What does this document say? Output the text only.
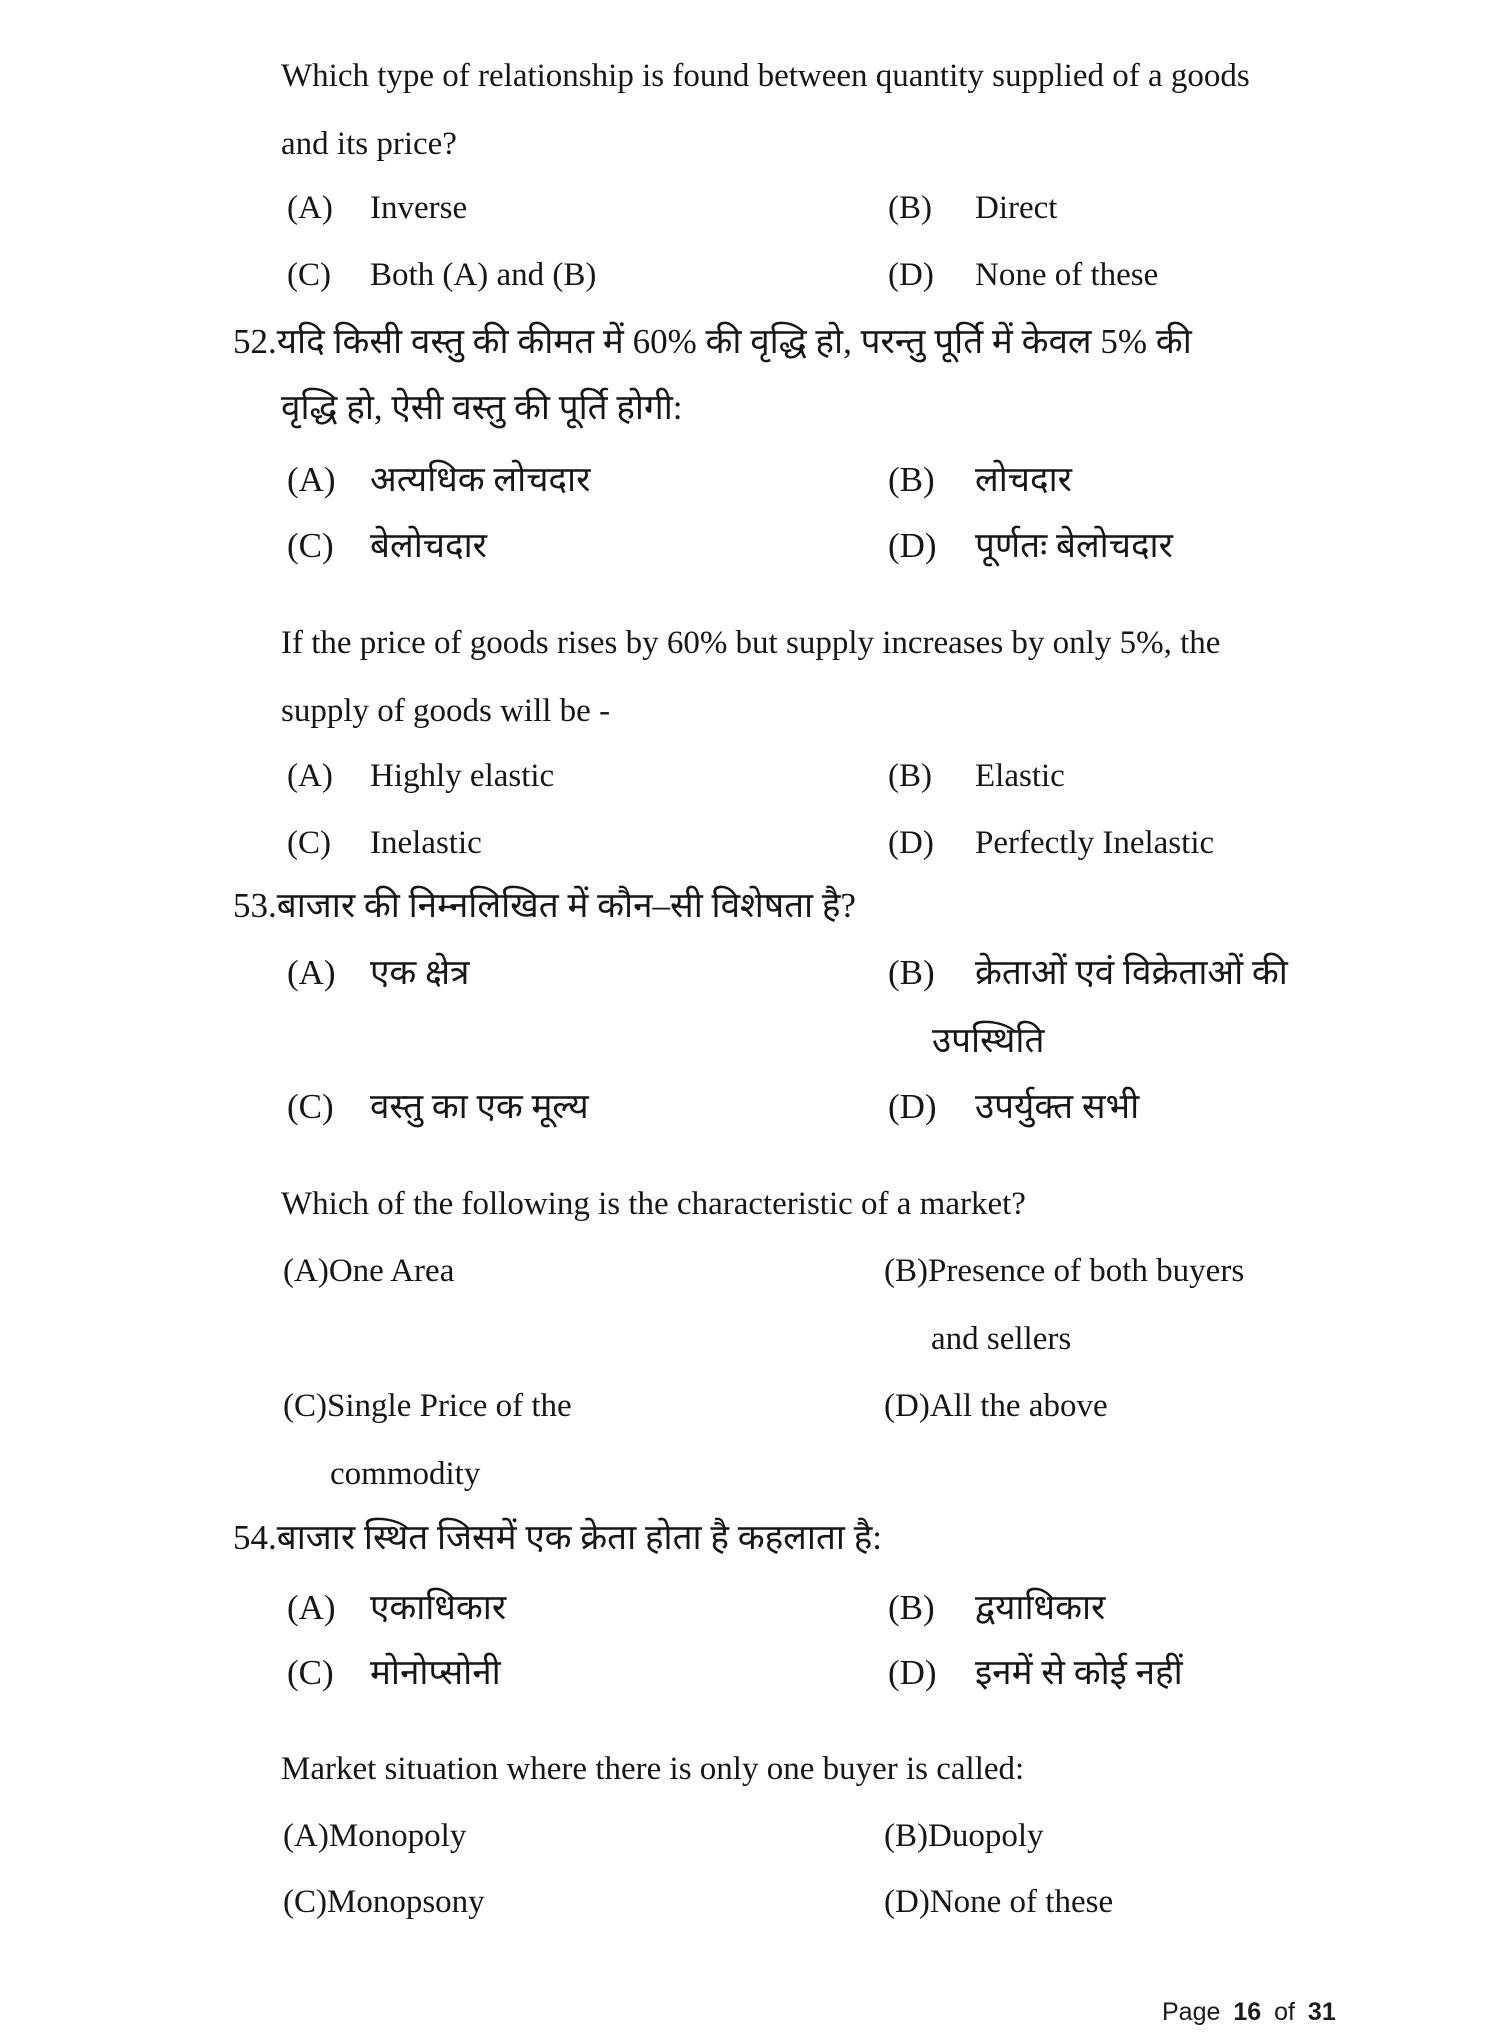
Which type of relationship is found between quantity supplied of a goods
and its price?
(A) Inverse	(B) Direct
(C) Both (A) and (B)	(D) None of these
52.यदि किसी वस्तु की कीमत में 60% की वृद्धि हो, परन्तु पूर्ति में केवल 5% की
वृद्धि हो, ऐसी वस्तु की पूर्ति होगी:
(A) अत्यधिक लोचदार	(B) लोचदार
(C) बेलोचदार	(D) पूर्णतः बेलोचदार
If the price of goods rises by 60% but supply increases by only 5%, the
supply of goods will be -
(A) Highly elastic	(B) Elastic
(C) Inelastic	(D) Perfectly Inelastic
53.बाजार की निम्नलिखित में कौन–सी विशेषता है?
(A) एक क्षेत्र	(B) क्रेताओं एवं विक्रेताओं की
उपस्थिति
(C) वस्तु का एक मूल्य	(D) उपर्युक्त सभी
Which of the following is the characteristic of a market?
(A)One Area	(B)Presence of both buyers
and sellers
(C)Single Price of the	(D)All the above
commodity
54.बाजार स्थित जिसमें एक क्रेता होता है कहलाता है:
(A) एकाधिकार	(B) द्वयाधिकार
(C) मोनोप्सोनी	(D) इनमें से कोई नहीं
Market situation where there is only one buyer is called:
(A)Monopoly	(B)Duopoly
(C)Monopsony	(D)None of these
Page 16 of 31
